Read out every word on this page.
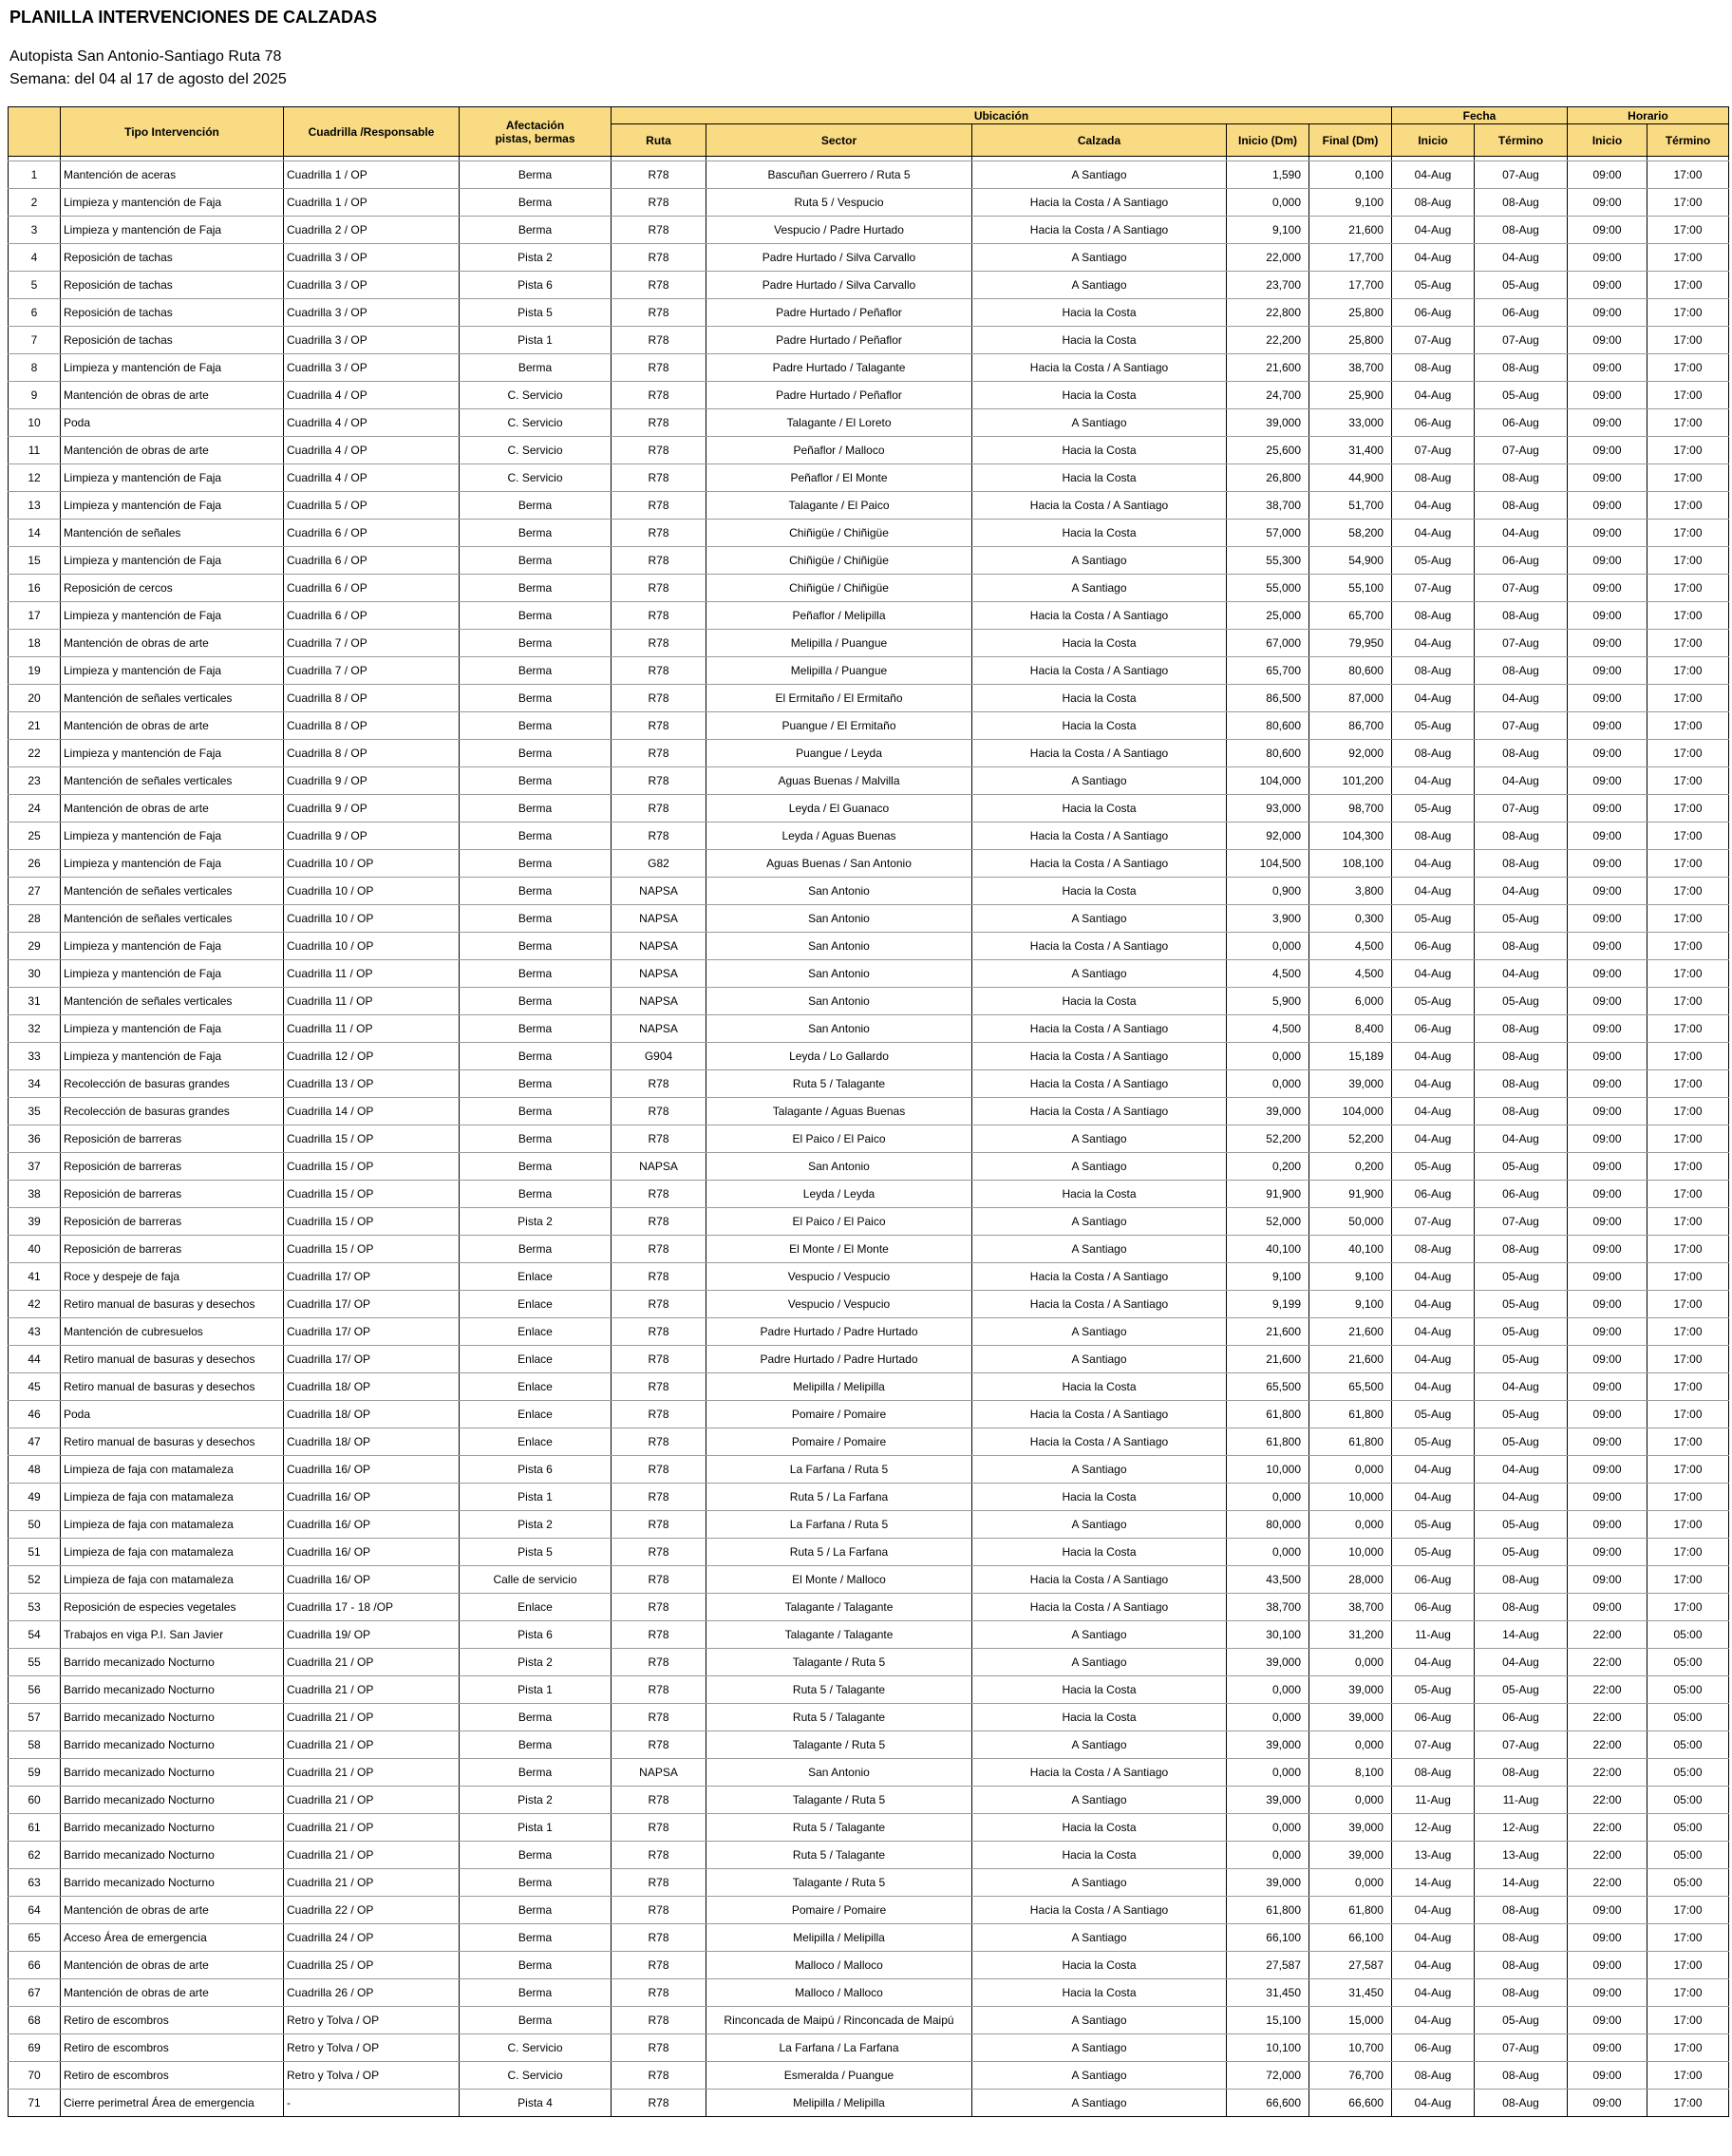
PLANILLA INTERVENCIONES DE CALZADAS
Autopista San Antonio-Santiago Ruta 78
Semana: del 04 al 17 de agosto del 2025
	Tipo Intervención	Cuadrilla /Responsable	Afectación
pistas, bermas	Ubicación					Fecha		Horario	
				Ruta	Sector	Calzada	Inicio (Dm)	Final (Dm)	Inicio	Término	Inicio	Término

1	Mantención de aceras	Cuadrilla 1 / OP	Berma	R78	Bascuñan Guerrero / Ruta 5	A Santiago	1,590	0,100	04-Aug	07-Aug	09:00	17:00
2	Limpieza y mantención de Faja	Cuadrilla 1 / OP	Berma	R78	Ruta 5 / Vespucio	Hacia la Costa / A Santiago	0,000	9,100	08-Aug	08-Aug	09:00	17:00
3	Limpieza y mantención de Faja	Cuadrilla 2 / OP	Berma	R78	Vespucio / Padre Hurtado	Hacia la Costa / A Santiago	9,100	21,600	04-Aug	08-Aug	09:00	17:00
4	Reposición de tachas	Cuadrilla 3 / OP	Pista 2	R78	Padre Hurtado / Silva Carvallo	A Santiago	22,000	17,700	04-Aug	04-Aug	09:00	17:00
5	Reposición de tachas	Cuadrilla 3 / OP	Pista 6	R78	Padre Hurtado / Silva Carvallo	A Santiago	23,700	17,700	05-Aug	05-Aug	09:00	17:00
6	Reposición de tachas	Cuadrilla 3 / OP	Pista 5	R78	Padre Hurtado / Peñaflor	Hacia la Costa	22,800	25,800	06-Aug	06-Aug	09:00	17:00
7	Reposición de tachas	Cuadrilla 3 / OP	Pista 1	R78	Padre Hurtado / Peñaflor	Hacia la Costa	22,200	25,800	07-Aug	07-Aug	09:00	17:00
8	Limpieza y mantención de Faja	Cuadrilla 3 / OP	Berma	R78	Padre Hurtado / Talagante	Hacia la Costa / A Santiago	21,600	38,700	08-Aug	08-Aug	09:00	17:00
9	Mantención de obras de arte	Cuadrilla 4 / OP	C. Servicio	R78	Padre Hurtado / Peñaflor	Hacia la Costa	24,700	25,900	04-Aug	05-Aug	09:00	17:00
10	Poda	Cuadrilla 4 / OP	C. Servicio	R78	Talagante / El Loreto	A Santiago	39,000	33,000	06-Aug	06-Aug	09:00	17:00
11	Mantención de obras de arte	Cuadrilla 4 / OP	C. Servicio	R78	Peñaflor / Malloco	Hacia la Costa	25,600	31,400	07-Aug	07-Aug	09:00	17:00
12	Limpieza y mantención de Faja	Cuadrilla 4 / OP	C. Servicio	R78	Peñaflor / El Monte	Hacia la Costa	26,800	44,900	08-Aug	08-Aug	09:00	17:00
13	Limpieza y mantención de Faja	Cuadrilla 5 / OP	Berma	R78	Talagante / El Paico	Hacia la Costa / A Santiago	38,700	51,700	04-Aug	08-Aug	09:00	17:00
14	Mantención de señales	Cuadrilla 6 / OP	Berma	R78	Chiñigüe / Chiñigüe	Hacia la Costa	57,000	58,200	04-Aug	04-Aug	09:00	17:00
15	Limpieza y mantención de Faja	Cuadrilla 6 / OP	Berma	R78	Chiñigüe / Chiñigüe	A Santiago	55,300	54,900	05-Aug	06-Aug	09:00	17:00
16	Reposición de cercos	Cuadrilla 6 / OP	Berma	R78	Chiñigüe / Chiñigüe	A Santiago	55,000	55,100	07-Aug	07-Aug	09:00	17:00
17	Limpieza y mantención de Faja	Cuadrilla 6 / OP	Berma	R78	Peñaflor / Melipilla	Hacia la Costa / A Santiago	25,000	65,700	08-Aug	08-Aug	09:00	17:00
18	Mantención de obras de arte	Cuadrilla 7 / OP	Berma	R78	Melipilla / Puangue	Hacia la Costa	67,000	79,950	04-Aug	07-Aug	09:00	17:00
19	Limpieza y mantención de Faja	Cuadrilla 7 / OP	Berma	R78	Melipilla / Puangue	Hacia la Costa / A Santiago	65,700	80,600	08-Aug	08-Aug	09:00	17:00
20	Mantención de señales verticales	Cuadrilla 8 / OP	Berma	R78	El Ermitaño / El Ermitaño	Hacia la Costa	86,500	87,000	04-Aug	04-Aug	09:00	17:00
21	Mantención de obras de arte	Cuadrilla 8 / OP	Berma	R78	Puangue / El Ermitaño	Hacia la Costa	80,600	86,700	05-Aug	07-Aug	09:00	17:00
22	Limpieza y mantención de Faja	Cuadrilla 8 / OP	Berma	R78	Puangue / Leyda	Hacia la Costa / A Santiago	80,600	92,000	08-Aug	08-Aug	09:00	17:00
23	Mantención de señales verticales	Cuadrilla 9 / OP	Berma	R78	Aguas Buenas / Malvilla	A Santiago	104,000	101,200	04-Aug	04-Aug	09:00	17:00
24	Mantención de obras de arte	Cuadrilla 9 / OP	Berma	R78	Leyda / El Guanaco	Hacia la Costa	93,000	98,700	05-Aug	07-Aug	09:00	17:00
25	Limpieza y mantención de Faja	Cuadrilla 9 / OP	Berma	R78	Leyda / Aguas Buenas	Hacia la Costa / A Santiago	92,000	104,300	08-Aug	08-Aug	09:00	17:00
26	Limpieza y mantención de Faja	Cuadrilla 10 / OP	Berma	G82	Aguas Buenas / San Antonio	Hacia la Costa / A Santiago	104,500	108,100	04-Aug	08-Aug	09:00	17:00
27	Mantención de señales verticales	Cuadrilla 10 / OP	Berma	NAPSA	San Antonio	Hacia la Costa	0,900	3,800	04-Aug	04-Aug	09:00	17:00
28	Mantención de señales verticales	Cuadrilla 10 / OP	Berma	NAPSA	San Antonio	A Santiago	3,900	0,300	05-Aug	05-Aug	09:00	17:00
29	Limpieza y mantención de Faja	Cuadrilla 10 / OP	Berma	NAPSA	San Antonio	Hacia la Costa / A Santiago	0,000	4,500	06-Aug	08-Aug	09:00	17:00
30	Limpieza y mantención de Faja	Cuadrilla 11 / OP	Berma	NAPSA	San Antonio	A Santiago	4,500	4,500	04-Aug	04-Aug	09:00	17:00
31	Mantención de señales verticales	Cuadrilla 11 / OP	Berma	NAPSA	San Antonio	Hacia la Costa	5,900	6,000	05-Aug	05-Aug	09:00	17:00
32	Limpieza y mantención de Faja	Cuadrilla 11 / OP	Berma	NAPSA	San Antonio	Hacia la Costa / A Santiago	4,500	8,400	06-Aug	08-Aug	09:00	17:00
33	Limpieza y mantención de Faja	Cuadrilla 12 / OP	Berma	G904	Leyda / Lo Gallardo	Hacia la Costa / A Santiago	0,000	15,189	04-Aug	08-Aug	09:00	17:00
34	Recolección de basuras grandes	Cuadrilla 13 / OP	Berma	R78	Ruta 5 / Talagante	Hacia la Costa / A Santiago	0,000	39,000	04-Aug	08-Aug	09:00	17:00
35	Recolección de basuras grandes	Cuadrilla 14 / OP	Berma	R78	Talagante / Aguas Buenas	Hacia la Costa / A Santiago	39,000	104,000	04-Aug	08-Aug	09:00	17:00
36	Reposición de barreras	Cuadrilla 15 / OP	Berma	R78	El Paico / El Paico	A Santiago	52,200	52,200	04-Aug	04-Aug	09:00	17:00
37	Reposición de barreras	Cuadrilla 15 / OP	Berma	NAPSA	San Antonio	A Santiago	0,200	0,200	05-Aug	05-Aug	09:00	17:00
38	Reposición de barreras	Cuadrilla 15 / OP	Berma	R78	Leyda / Leyda	Hacia la Costa	91,900	91,900	06-Aug	06-Aug	09:00	17:00
39	Reposición de barreras	Cuadrilla 15 / OP	Pista 2	R78	El Paico / El Paico	A Santiago	52,000	50,000	07-Aug	07-Aug	09:00	17:00
40	Reposición de barreras	Cuadrilla 15 / OP	Berma	R78	El Monte / El Monte	A Santiago	40,100	40,100	08-Aug	08-Aug	09:00	17:00
41	Roce y despeje de faja	Cuadrilla 17/ OP	Enlace	R78	Vespucio / Vespucio	Hacia la Costa / A Santiago	9,100	9,100	04-Aug	05-Aug	09:00	17:00
42	Retiro manual de basuras y desechos	Cuadrilla 17/ OP	Enlace	R78	Vespucio / Vespucio	Hacia la Costa / A Santiago	9,199	9,100	04-Aug	05-Aug	09:00	17:00
43	Mantención de cubresuelos	Cuadrilla 17/ OP	Enlace	R78	Padre Hurtado / Padre Hurtado	A Santiago	21,600	21,600	04-Aug	05-Aug	09:00	17:00
44	Retiro manual de basuras y desechos	Cuadrilla 17/ OP	Enlace	R78	Padre Hurtado / Padre Hurtado	A Santiago	21,600	21,600	04-Aug	05-Aug	09:00	17:00
45	Retiro manual de basuras y desechos	Cuadrilla 18/ OP	Enlace	R78	Melipilla / Melipilla	Hacia la Costa	65,500	65,500	04-Aug	04-Aug	09:00	17:00
46	Poda	Cuadrilla 18/ OP	Enlace	R78	Pomaire / Pomaire	Hacia la Costa / A Santiago	61,800	61,800	05-Aug	05-Aug	09:00	17:00
47	Retiro manual de basuras y desechos	Cuadrilla 18/ OP	Enlace	R78	Pomaire / Pomaire	Hacia la Costa / A Santiago	61,800	61,800	05-Aug	05-Aug	09:00	17:00
48	Limpieza de faja con matamaleza	Cuadrilla 16/ OP	Pista 6	R78	La Farfana / Ruta 5	A Santiago	10,000	0,000	04-Aug	04-Aug	09:00	17:00
49	Limpieza de faja con matamaleza	Cuadrilla 16/ OP	Pista 1	R78	Ruta 5 / La Farfana	Hacia la Costa	0,000	10,000	04-Aug	04-Aug	09:00	17:00
50	Limpieza de faja con matamaleza	Cuadrilla 16/ OP	Pista 2	R78	La Farfana / Ruta 5	A Santiago	80,000	0,000	05-Aug	05-Aug	09:00	17:00
51	Limpieza de faja con matamaleza	Cuadrilla 16/ OP	Pista 5	R78	Ruta 5 / La Farfana	Hacia la Costa	0,000	10,000	05-Aug	05-Aug	09:00	17:00
52	Limpieza de faja con matamaleza	Cuadrilla 16/ OP	Calle de servicio	R78	El Monte / Malloco	Hacia la Costa / A Santiago	43,500	28,000	06-Aug	08-Aug	09:00	17:00
53	Reposición de especies vegetales	Cuadrilla 17 - 18 /OP	Enlace	R78	Talagante / Talagante	Hacia la Costa / A Santiago	38,700	38,700	06-Aug	08-Aug	09:00	17:00
54	Trabajos en viga P.I. San Javier	Cuadrilla 19/ OP	Pista 6	R78	Talagante / Talagante	A Santiago	30,100	31,200	11-Aug	14-Aug	22:00	05:00
55	Barrido mecanizado Nocturno	Cuadrilla 21 / OP	Pista 2	R78	Talagante / Ruta 5	A Santiago	39,000	0,000	04-Aug	04-Aug	22:00	05:00
56	Barrido mecanizado Nocturno	Cuadrilla 21 / OP	Pista 1	R78	Ruta 5 / Talagante	Hacia la Costa	0,000	39,000	05-Aug	05-Aug	22:00	05:00
57	Barrido mecanizado Nocturno	Cuadrilla 21 / OP	Berma	R78	Ruta 5 / Talagante	Hacia la Costa	0,000	39,000	06-Aug	06-Aug	22:00	05:00
58	Barrido mecanizado Nocturno	Cuadrilla 21 / OP	Berma	R78	Talagante / Ruta 5	A Santiago	39,000	0,000	07-Aug	07-Aug	22:00	05:00
59	Barrido mecanizado Nocturno	Cuadrilla 21 / OP	Berma	NAPSA	San Antonio	Hacia la Costa / A Santiago	0,000	8,100	08-Aug	08-Aug	22:00	05:00
60	Barrido mecanizado Nocturno	Cuadrilla 21 / OP	Pista 2	R78	Talagante / Ruta 5	A Santiago	39,000	0,000	11-Aug	11-Aug	22:00	05:00
61	Barrido mecanizado Nocturno	Cuadrilla 21 / OP	Pista 1	R78	Ruta 5 / Talagante	Hacia la Costa	0,000	39,000	12-Aug	12-Aug	22:00	05:00
62	Barrido mecanizado Nocturno	Cuadrilla 21 / OP	Berma	R78	Ruta 5 / Talagante	Hacia la Costa	0,000	39,000	13-Aug	13-Aug	22:00	05:00
63	Barrido mecanizado Nocturno	Cuadrilla 21 / OP	Berma	R78	Talagante / Ruta 5	A Santiago	39,000	0,000	14-Aug	14-Aug	22:00	05:00
64	Mantención de obras de arte	Cuadrilla 22 / OP	Berma	R78	Pomaire / Pomaire	Hacia la Costa / A Santiago	61,800	61,800	04-Aug	08-Aug	09:00	17:00
65	Acceso Área de emergencia	Cuadrilla 24 / OP	Berma	R78	Melipilla / Melipilla	A Santiago	66,100	66,100	04-Aug	08-Aug	09:00	17:00
66	Mantención de obras de arte	Cuadrilla 25 / OP	Berma	R78	Malloco / Malloco	Hacia la Costa	27,587	27,587	04-Aug	08-Aug	09:00	17:00
67	Mantención de obras de arte	Cuadrilla 26 / OP	Berma	R78	Malloco / Malloco	Hacia la Costa	31,450	31,450	04-Aug	08-Aug	09:00	17:00
68	Retiro de escombros	Retro y Tolva / OP	Berma	R78	Rinconcada de Maipú / Rinconcada de Maipú	A Santiago	15,100	15,000	04-Aug	05-Aug	09:00	17:00
69	Retiro de escombros	Retro y Tolva / OP	C. Servicio	R78	La Farfana / La Farfana	A Santiago	10,100	10,700	06-Aug	07-Aug	09:00	17:00
70	Retiro de escombros	Retro y Tolva / OP	C. Servicio	R78	Esmeralda / Puangue	A Santiago	72,000	76,700	08-Aug	08-Aug	09:00	17:00
71	Cierre perimetral Área de emergencia	-	Pista 4	R78	Melipilla / Melipilla	A Santiago	66,600	66,600	04-Aug	08-Aug	09:00	17:00
